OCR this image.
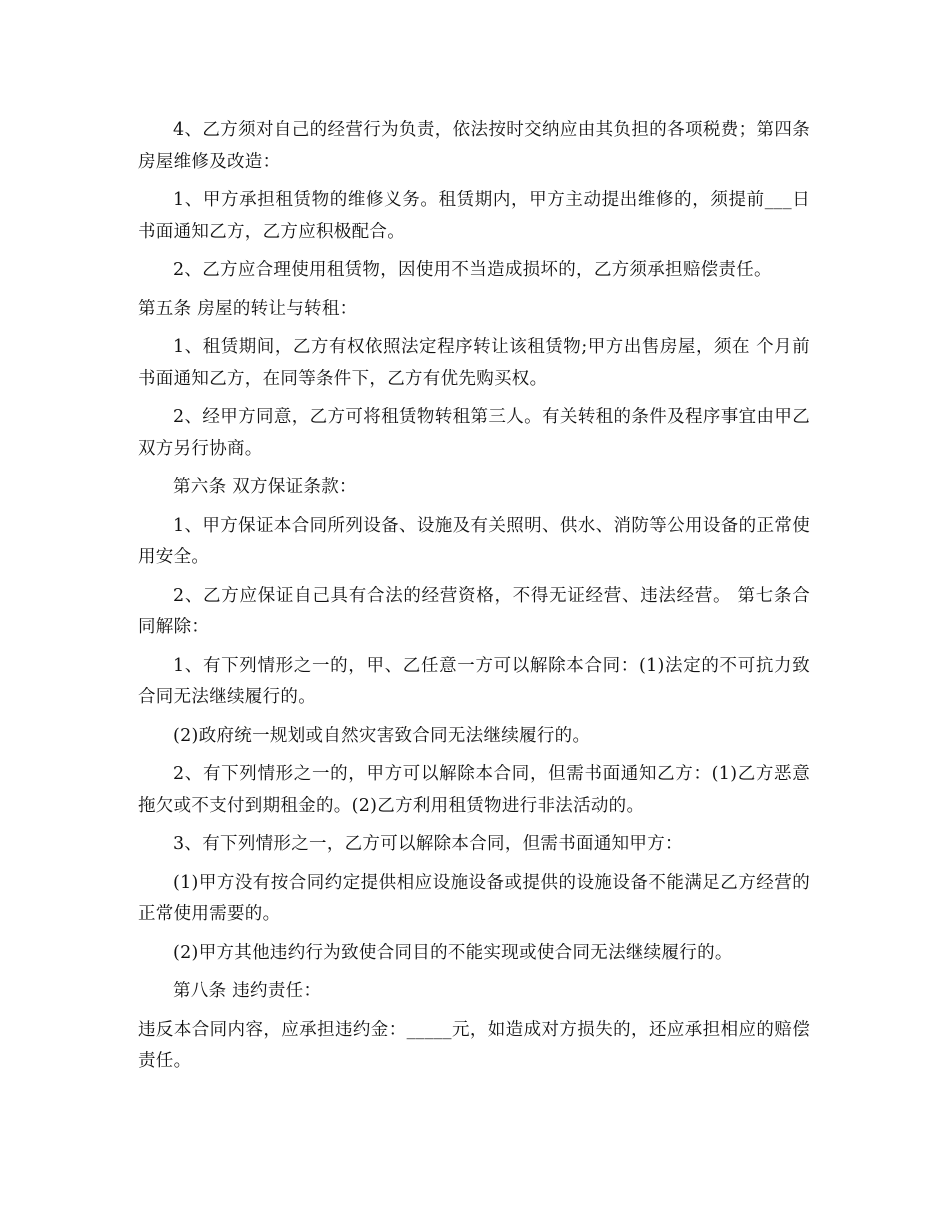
4、乙方须对自己的经营行为负责，依法按时交纳应由其负担的各项税费；第四条 房屋维修及改造：

1、甲方承担租赁物的维修义务。租赁期内，甲方主动提出维修的，须提前___日书面通知乙方，乙方应积极配合。

2、乙方应合理使用租赁物，因使用不当造成损坏的，乙方须承担赔偿责任。

第五条 房屋的转让与转租：

1、租赁期间，乙方有权依照法定程序转让该租赁物;甲方出售房屋，须在 个月前书面通知乙方，在同等条件下，乙方有优先购买权。

2、经甲方同意，乙方可将租赁物转租第三人。有关转租的条件及程序事宜由甲乙双方另行协商。

第六条 双方保证条款：

1、甲方保证本合同所列设备、设施及有关照明、供水、消防等公用设备的正常使用安全。

2、乙方应保证自己具有合法的经营资格，不得无证经营、违法经营。 第七条合同解除：

1、有下列情形之一的，甲、乙任意一方可以解除本合同：(1)法定的不可抗力致合同无法继续履行的。

(2)政府统一规划或自然灾害致合同无法继续履行的。

2、有下列情形之一的，甲方可以解除本合同，但需书面通知乙方：(1)乙方恶意拖欠或不支付到期租金的。(2)乙方利用租赁物进行非法活动的。

3、有下列情形之一，乙方可以解除本合同，但需书面通知甲方：

(1)甲方没有按合同约定提供相应设施设备或提供的设施设备不能满足乙方经营的正常使用需要的。

(2)甲方其他违约行为致使合同目的不能实现或使合同无法继续履行的。

第八条 违约责任：

违反本合同内容，应承担违约金：_____元，如造成对方损失的，还应承担相应的赔偿责任。
